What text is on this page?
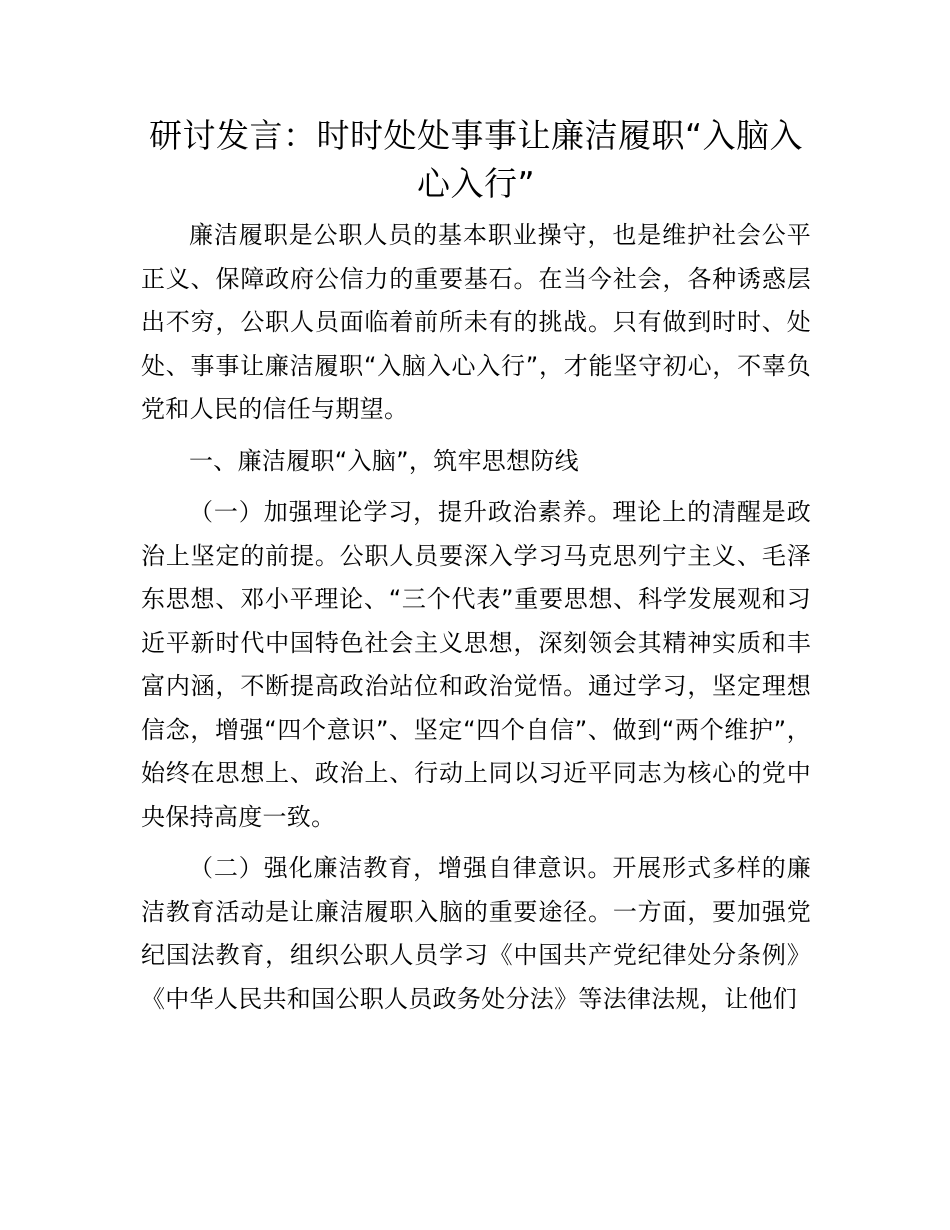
研讨发言：时时处处事事让廉洁履职“入脑入心入行”

廉洁履职是公职人员的基本职业操守，也是维护社会公平正义、保障政府公信力的重要基石。在当今社会，各种诱惑层出不穷，公职人员面临着前所未有的挑战。只有做到时时、处处、事事让廉洁履职“入脑入心入行”，才能坚守初心，不辜负党和人民的信任与期望。

一、廉洁履职“入脑”，筑牢思想防线

（一）加强理论学习，提升政治素养。理论上的清醒是政治上坚定的前提。公职人员要深入学习马克思列宁主义、毛泽东思想、邓小平理论、“三个代表”重要思想、科学发展观和习近平新时代中国特色社会主义思想，深刻领会其精神实质和丰富内涵，不断提高政治站位和政治觉悟。通过学习，坚定理想信念，增强“四个意识”、坚定“四个自信”、做到“两个维护”，始终在思想上、政治上、行动上同以习近平同志为核心的党中央保持高度一致。

（二）强化廉洁教育，增强自律意识。开展形式多样的廉洁教育活动是让廉洁履职入脑的重要途径。一方面，要加强党纪国法教育，组织公职人员学习《中国共产党纪律处分条例》《中华人民共和国公职人员政务处分法》等法律法规，让他们
